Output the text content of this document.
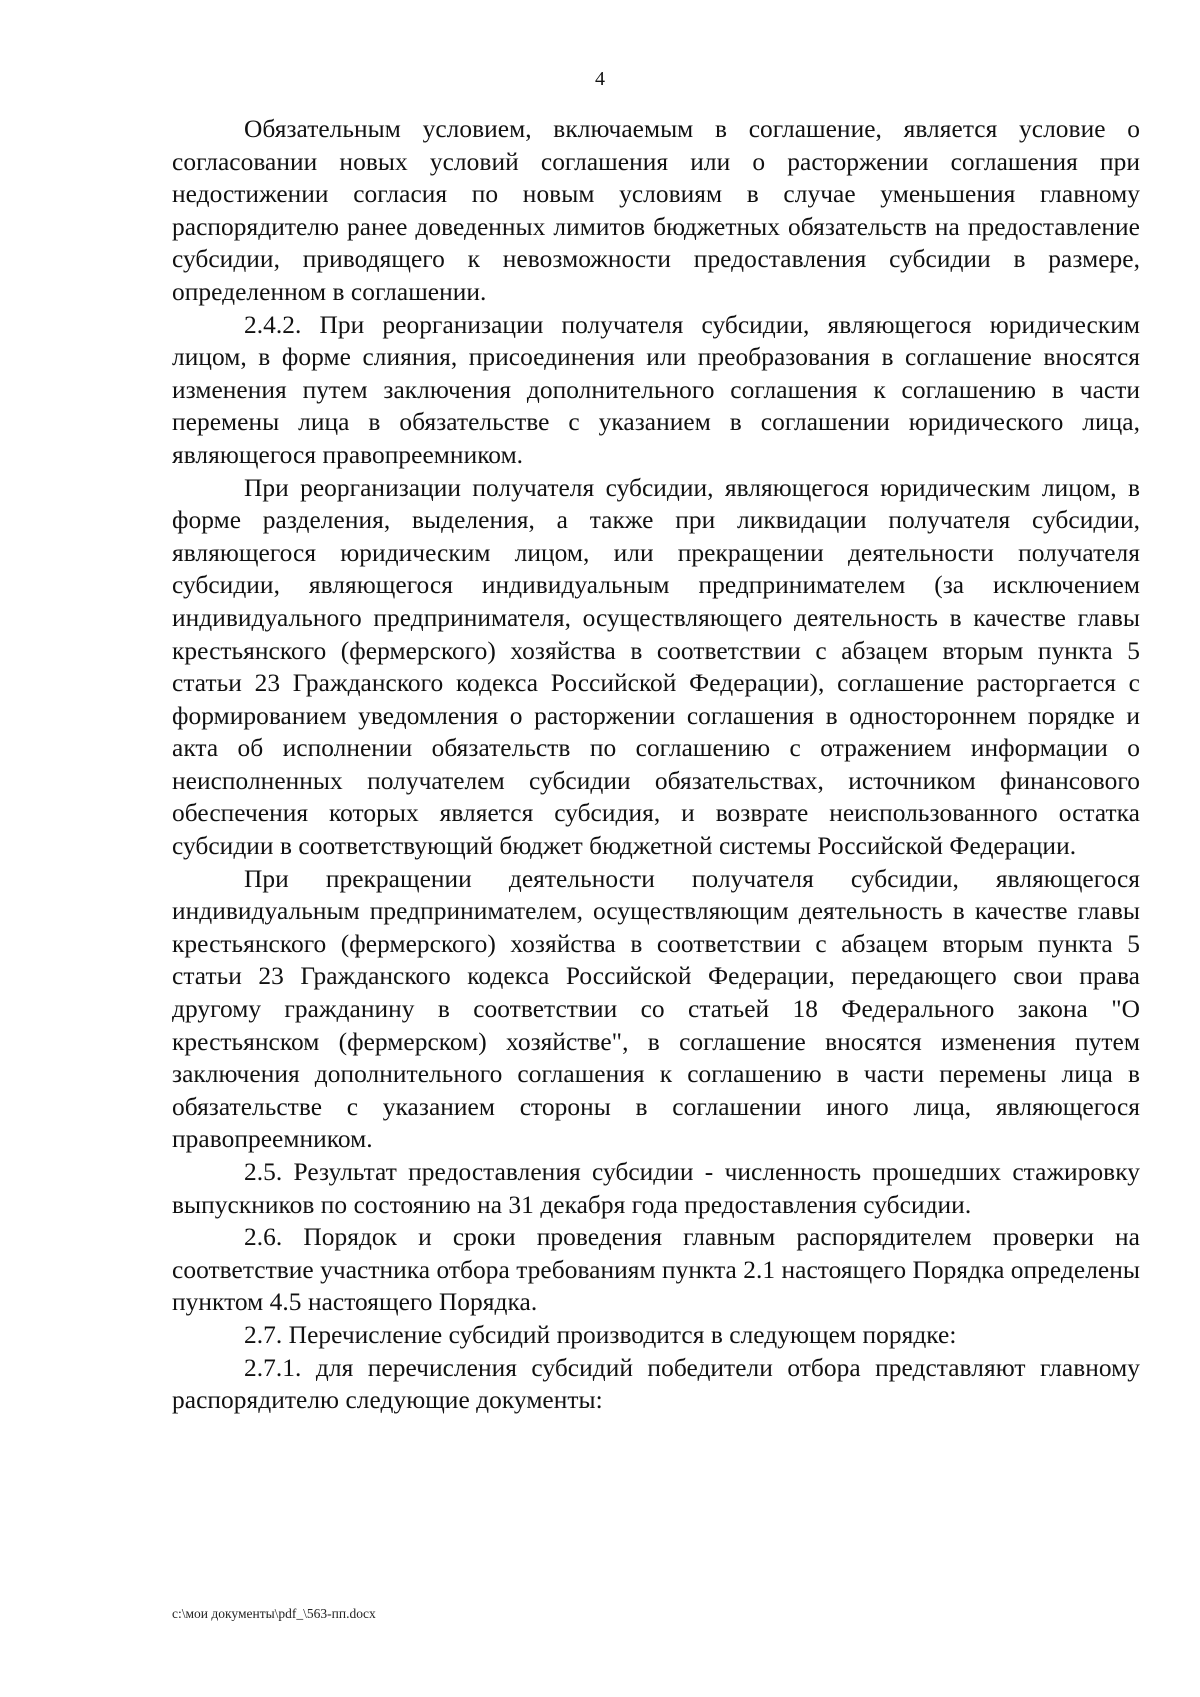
4

Обязательным условием, включаемым в соглашение, является условие о согласовании новых условий соглашения или о расторжении соглашения при недостижении согласия по новым условиям в случае уменьшения главному распорядителю ранее доведенных лимитов бюджетных обязательств на предоставление субсидии, приводящего к невозможности предоставления субсидии в размере, определенном в соглашении.

2.4.2. При реорганизации получателя субсидии, являющегося юридическим лицом, в форме слияния, присоединения или преобразования в соглашение вносятся изменения путем заключения дополнительного соглашения к соглашению в части перемены лица в обязательстве с указанием в соглашении юридического лица, являющегося правопреемником.

При реорганизации получателя субсидии, являющегося юридическим лицом, в форме разделения, выделения, а также при ликвидации получателя субсидии, являющегося юридическим лицом, или прекращении деятельности получателя субсидии, являющегося индивидуальным предпринимателем (за исключением индивидуального предпринимателя, осуществляющего деятельность в качестве главы крестьянского (фермерского) хозяйства в соответствии с абзацем вторым пункта 5 статьи 23 Гражданского кодекса Российской Федерации), соглашение расторгается с формированием уведомления о расторжении соглашения в одностороннем порядке и акта об исполнении обязательств по соглашению с отражением информации о неисполненных получателем субсидии обязательствах, источником финансового обеспечения которых является субсидия, и возврате неиспользованного остатка субсидии в соответствующий бюджет бюджетной системы Российской Федерации.

При прекращении деятельности получателя субсидии, являющегося индивидуальным предпринимателем, осуществляющим деятельность в качестве главы крестьянского (фермерского) хозяйства в соответствии с абзацем вторым пункта 5 статьи 23 Гражданского кодекса Российской Федерации, передающего свои права другому гражданину в соответствии со статьей 18 Федерального закона "О крестьянском (фермерском) хозяйстве", в соглашение вносятся изменения путем заключения дополнительного соглашения к соглашению в части перемены лица в обязательстве с указанием стороны в соглашении иного лица, являющегося правопреемником.

2.5. Результат предоставления субсидии - численность прошедших стажировку выпускников по состоянию на 31 декабря года предоставления субсидии.

2.6. Порядок и сроки проведения главным распорядителем проверки на соответствие участника отбора требованиям пункта 2.1 настоящего Порядка определены пунктом 4.5 настоящего Порядка.

2.7. Перечисление субсидий производится в следующем порядке:

2.7.1. для перечисления субсидий победители отбора представляют главному распорядителю следующие документы:

c:\мои документы\pdf_\563-пп.docx
